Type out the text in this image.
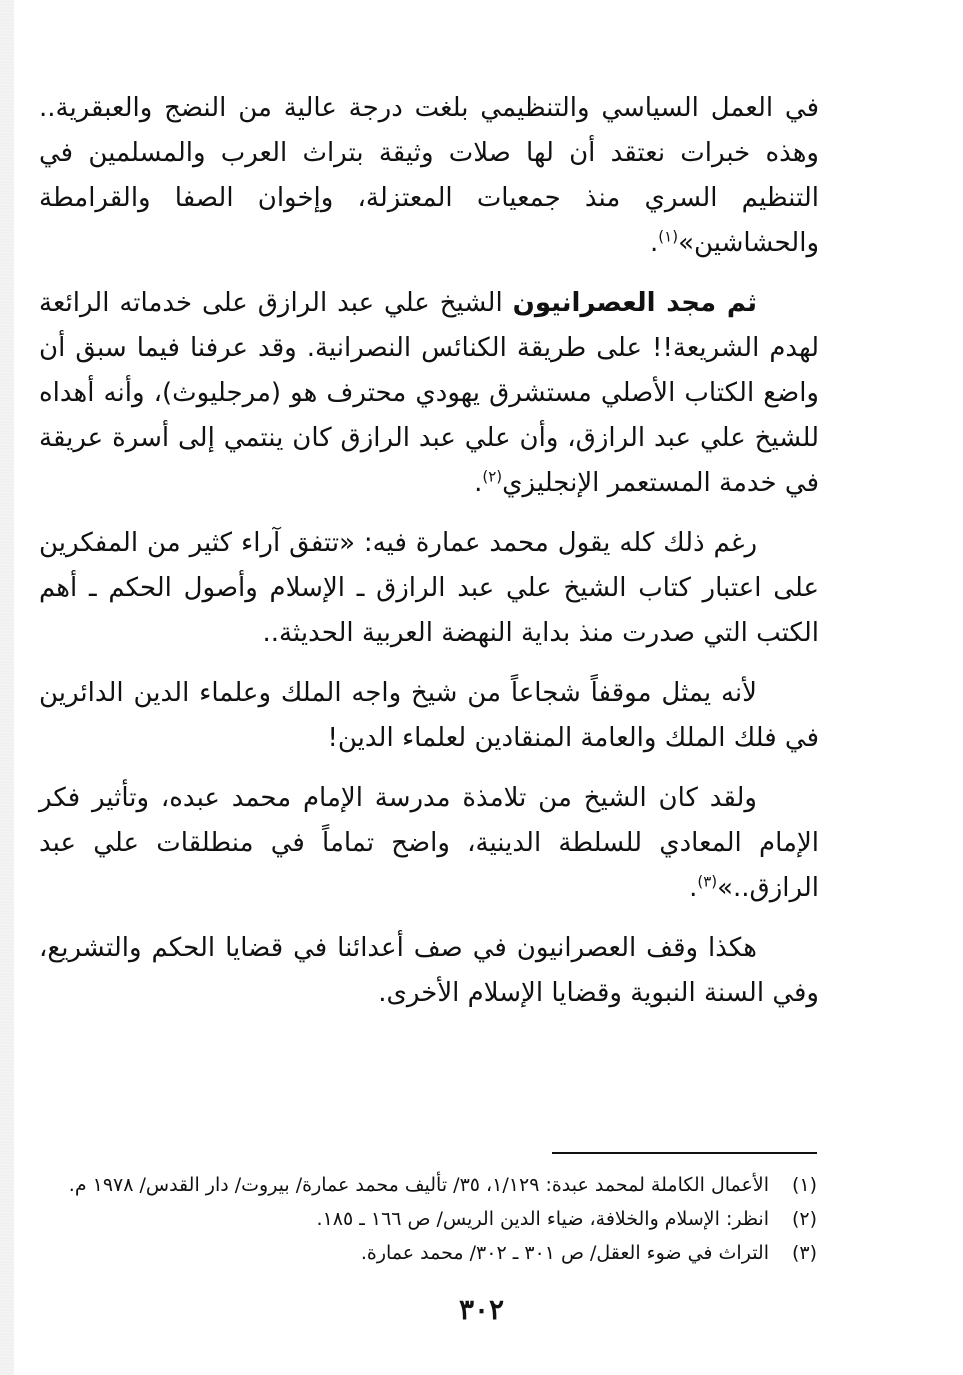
في العمل السياسي والتنظيمي بلغت درجة عالية من النضج والعبقرية.. وهذه خبرات نعتقد أن لها صلات وثيقة بتراث العرب والمسلمين في التنظيم السري منذ جمعيات المعتزلة، وإخوان الصفا والقرامطة والحشاشين»$^{(١)}$.

ثم مجد العصرانيون الشيخ علي عبد الرازق على خدماته الرائعة لهدم الشريعة!! على طريقة الكنائس النصرانية. وقد عرفنا فيما سبق أن واضع الكتاب الأصلي مستشرق يهودي محترف هو (مرجليوث)، وأنه أهداه للشيخ علي عبد الرازق، وأن علي عبد الرازق كان ينتمي إلى أسرة عريقة في خدمة المستعمر الإنجليزي$^{(٢)}$.

رغم ذلك كله يقول محمد عمارة فيه: «تتفق آراء كثير من المفكرين على اعتبار كتاب الشيخ علي عبد الرازق ـ الإسلام وأصول الحكم ـ أهم الكتب التي صدرت منذ بداية النهضة العربية الحديثة..

لأنه يمثل موقفاً شجاعاً من شيخ واجه الملك وعلماء الدين الدائرين في فلك الملك والعامة المنقادين لعلماء الدين!

ولقد كان الشيخ من تلامذة مدرسة الإمام محمد عبده، وتأثير فكر الإمام المعادي للسلطة الدينية، واضح تماماً في منطلقات علي عبد الرازق..»$^{(٣)}$.

هكذا وقف العصرانيون في صف أعدائنا في قضايا الحكم والتشريع، وفي السنة النبوية وقضايا الإسلام الأخرى.

(١)
الأعمال الكاملة لمحمد عبدة: ١/١٢٩، ٣٥/ تأليف محمد عمارة/ بيروت/ دار القدس/ ١٩٧٨ م.
(٢)
انظر: الإسلام والخلافة، ضياء الدين الريس/ ص ١٦٦ ـ ١٨٥.
(٣)
التراث في ضوء العقل/ ص ٣٠١ ـ ٣٠٢/ محمد عمارة.
٣٠٢
